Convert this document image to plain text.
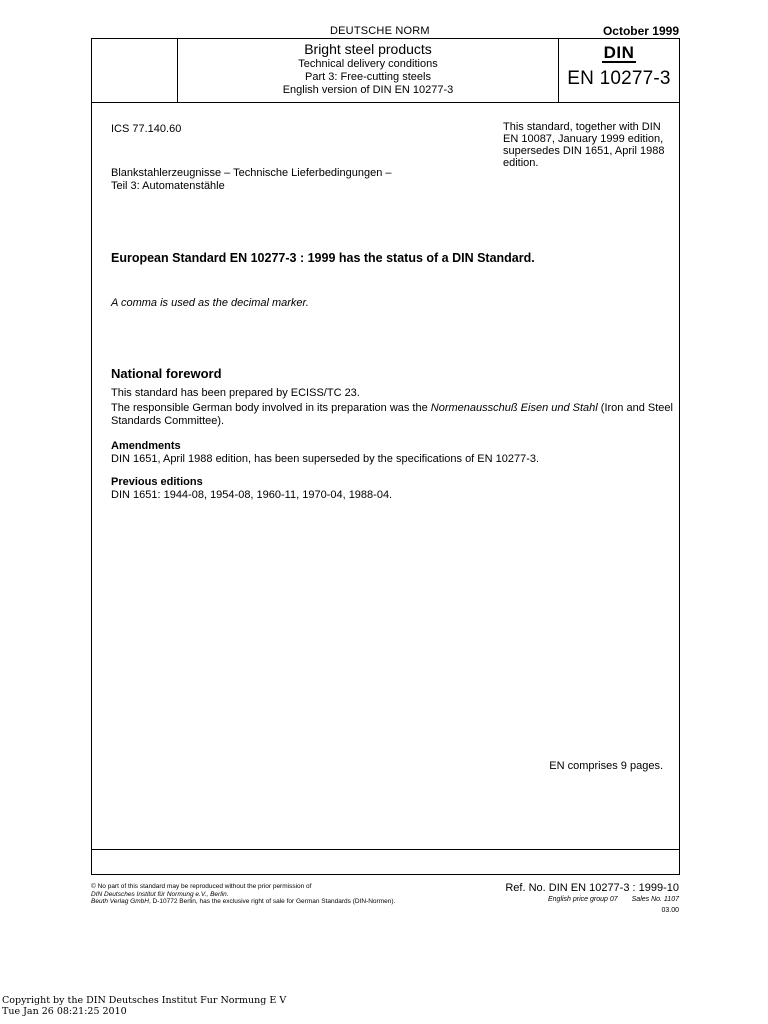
DEUTSCHE NORM	October 1999
Bright steel products
Technical delivery conditions
Part 3: Free-cutting steels
English version of DIN EN 10277-3
DIN
EN 10277-3
ICS 77.140.60	This standard, together with DIN EN 10087, January 1999 edition, supersedes DIN 1651, April 1988 edition.
Blankstahlerzeugnisse – Technische Lieferbedingungen –
Teil 3: Automatenstähle
European Standard EN 10277-3 : 1999 has the status of a DIN Standard.
A comma is used as the decimal marker.
National foreword

This standard has been prepared by ECISS/TC 23.

The responsible German body involved in its preparation was the Normenausschuß Eisen und Stahl (Iron and Steel Standards Committee).

Amendments
DIN 1651, April 1988 edition, has been superseded by the specifications of EN 10277-3.
Previous editions
DIN 1651: 1944-08, 1954-08, 1960-11, 1970-04, 1988-04.
EN comprises 9 pages.
© No part of this standard may be reproduced without the prior permission of
DIN Deutsches Institut für Normung e.V., Berlin.
Beuth Verlag GmbH, D-10772 Berlin, has the exclusive right of sale for German Standards (DIN-Normen).
Ref. No. DIN EN 10277-3 : 1999-10
English price group 07 Sales No. 1107
03.00
Copyright by the DIN Deutsches Institut Fur Normung E V
Tue Jan 26 08:21:25 2010
